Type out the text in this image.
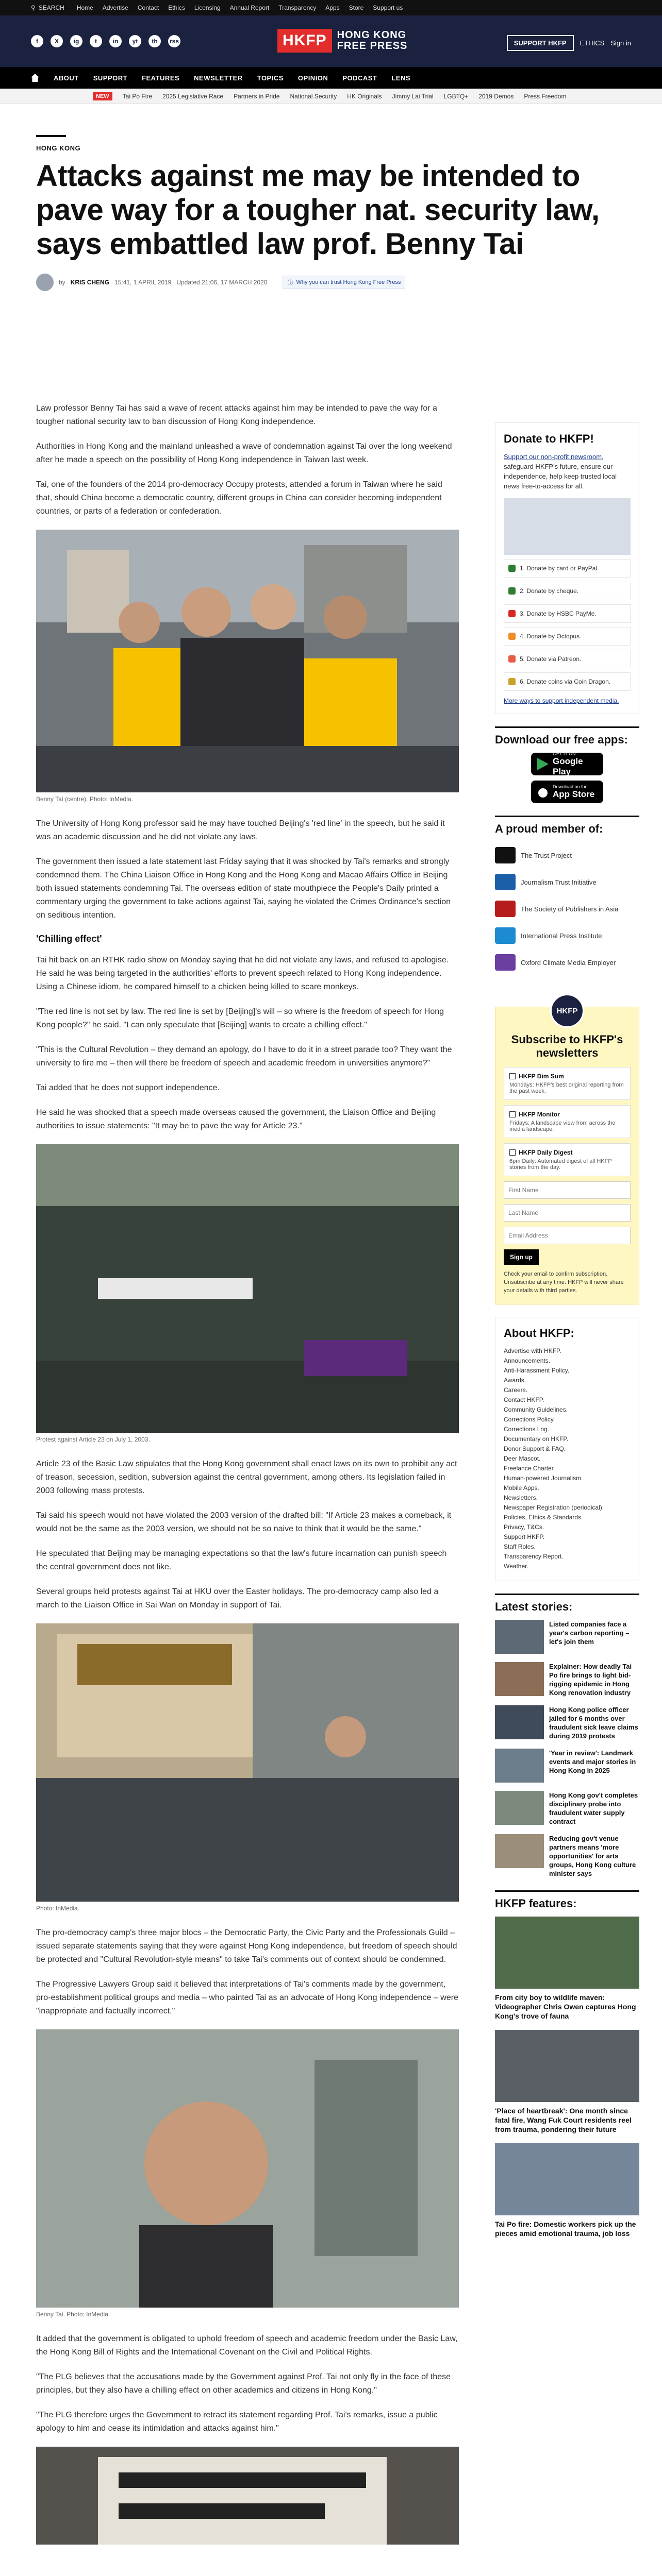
⚲ SEARCH Home Advertise Contact Ethics Licensing Annual Report Transparency Apps Store Support us
f	X	ig	t	in	yt	th	rss	HKFP	HONG KONG
FREE PRESS	SUPPORT HKFP	ETHICS Sign in
ABOUT SUPPORT FEATURES NEWSLETTER TOPICS OPINION PODCAST LENS
NEW	Tai Po Fire 2025 Legislative Race Partners in Pride National Security HK Originals Jimmy Lai Trial LGBTQ+ 2019 Demos Press Freedom
HONG KONG
Attacks against me may be intended to pave way for a tougher nat. security law, says embattled law prof. Benny Tai
by KRIS CHENG 15:41, 1 APRIL 2019 Updated 21:06, 17 MARCH 2020	ⓘ Why you can trust Hong Kong Free Press

Law professor Benny Tai has said a wave of recent attacks against him may be intended to pave the way for a tougher national security law to ban discussion of Hong Kong independence.

Authorities in Hong Kong and the mainland unleashed a wave of condemnation against Tai over the long weekend after he made a speech on the possibility of Hong Kong independence in Taiwan last week.

Tai, one of the founders of the 2014 pro-democracy Occupy protests, attended a forum in Taiwan where he said that, should China become a democratic country, different groups in China can consider becoming independent countries, or parts of a federation or confederation.

Benny Tai (centre). Photo: InMedia.

The University of Hong Kong professor said he may have touched Beijing's 'red line' in the speech, but he said it was an academic discussion and he did not violate any laws.

The government then issued a late statement last Friday saying that it was shocked by Tai's remarks and strongly condemned them. The China Liaison Office in Hong Kong and the Hong Kong and Macao Affairs Office in Beijing both issued statements condemning Tai. The overseas edition of state mouthpiece the People's Daily printed a commentary urging the government to take actions against Tai, saying he violated the Crimes Ordinance's section on seditious intention.

'Chilling effect'

Tai hit back on an RTHK radio show on Monday saying that he did not violate any laws, and refused to apologise. He said he was being targeted in the authorities' efforts to prevent speech related to Hong Kong independence. Using a Chinese idiom, he compared himself to a chicken being killed to scare monkeys.

"The red line is not set by law. The red line is set by [Beijing]'s will – so where is the freedom of speech for Hong Kong people?" he said. "I can only speculate that [Beijing] wants to create a chilling effect."

"This is the Cultural Revolution – they demand an apology, do I have to do it in a street parade too? They want the university to fire me – then will there be freedom of speech and academic freedom in universities anymore?"

Tai added that he does not support independence.

He said he was shocked that a speech made overseas caused the government, the Liaison Office and Beijing authorities to issue statements: "It may be to pave the way for Article 23."

Protest against Article 23 on July 1, 2003.

Article 23 of the Basic Law stipulates that the Hong Kong government shall enact laws on its own to prohibit any act of treason, secession, sedition, subversion against the central government, among others. Its legislation failed in 2003 following mass protests.

Tai said his speech would not have violated the 2003 version of the drafted bill: "If Article 23 makes a comeback, it would not be the same as the 2003 version, we should not be so naive to think that it would be the same."

He speculated that Beijing may be managing expectations so that the law's future incarnation can punish speech the central government does not like.

Several groups held protests against Tai at HKU over the Easter holidays. The pro-democracy camp also led a march to the Liaison Office in Sai Wan on Monday in support of Tai.

Photo: InMedia.

The pro-democracy camp's three major blocs – the Democratic Party, the Civic Party and the Professionals Guild – issued separate statements saying that they were against Hong Kong independence, but freedom of speech should be protected and "Cultural Revolution-style means" to take Tai's comments out of context should be condemned.

The Progressive Lawyers Group said it believed that interpretations of Tai's comments made by the government, pro-establishment political groups and media – who painted Tai as an advocate of Hong Kong independence – were "inappropriate and factually incorrect."

Benny Tai. Photo: InMedia.

It added that the government is obligated to uphold freedom of speech and academic freedom under the Basic Law, the Hong Kong Bill of Rights and the International Covenant on the Civil and Political Rights.

"The PLG believes that the accusations made by the Government against Prof. Tai not only fly in the face of these principles, but they also have a chilling effect on other academics and citizens in Hong Kong."

"The PLG therefore urges the Government to retract its statement regarding Prof. Tai's remarks, issue a public apology to him and cease its intimidation and attacks against him."

Donate to HKFP!
Support our non-profit newsroom, safeguard HKFP's future, ensure our independence, help keep trusted local news free-to-access for all.
1. Donate by card or PayPal.
2. Donate by cheque.
3. Donate by HSBC PayMe.
4. Donate by Octopus.
5. Donate via Patreon.
6. Donate coins via Coin Dragon.
More ways to support independent media.
Download our free apps:
GET IT ON
Google Play
Download on the
App Store
A proud member of:
The Trust Project
Journalism Trust Initiative
The Society of Publishers in Asia
International Press Institute
Oxford Climate Media Employer
HKFP
Subscribe to HKFP's newsletters
HKFP Dim Sum
Mondays: HKFP's best original reporting from the past week.
HKFP Monitor
Fridays: A landscape view from across the media landscape.
HKFP Daily Digest
6pm Daily: Automated digest of all HKFP stories from the day.
First Name Last Name Email Address Sign up
Check your email to confirm subscription. Unsubscribe at any time. HKFP will never share your details with third parties.
About HKFP:
Advertise with HKFP.
Announcements.
Anti-Harassment Policy.
Awards.
Careers.
Contact HKFP.
Community Guidelines.
Corrections Policy.
Corrections Log.
Documentary on HKFP.
Donor Support & FAQ.
Deer Mascot.
Freelance Charter.
Human-powered Journalism.
Mobile Apps.
Newsletters.
Newspaper Registration (periodical).
Policies, Ethics & Standards.
Privacy, T&Cs.
Support HKFP.
Staff Roles.
Transparency Report.
Weather.
Latest stories:
Listed companies face a year's carbon reporting – let's join them
Explainer: How deadly Tai Po fire brings to light bid-rigging epidemic in Hong Kong renovation industry
Hong Kong police officer jailed for 6 months over fraudulent sick leave claims during 2019 protests
'Year in review': Landmark events and major stories in Hong Kong in 2025
Hong Kong gov't completes disciplinary probe into fraudulent water supply contract
Reducing gov't venue partners means 'more opportunities' for arts groups, Hong Kong culture minister says
HKFP features:
From city boy to wildlife maven: Videographer Chris Owen captures Hong Kong's trove of fauna
'Place of heartbreak': One month since fatal fire, Wang Fuk Court residents reel from trauma, pondering their future
Tai Po fire: Domestic workers pick up the pieces amid emotional trauma, job loss
